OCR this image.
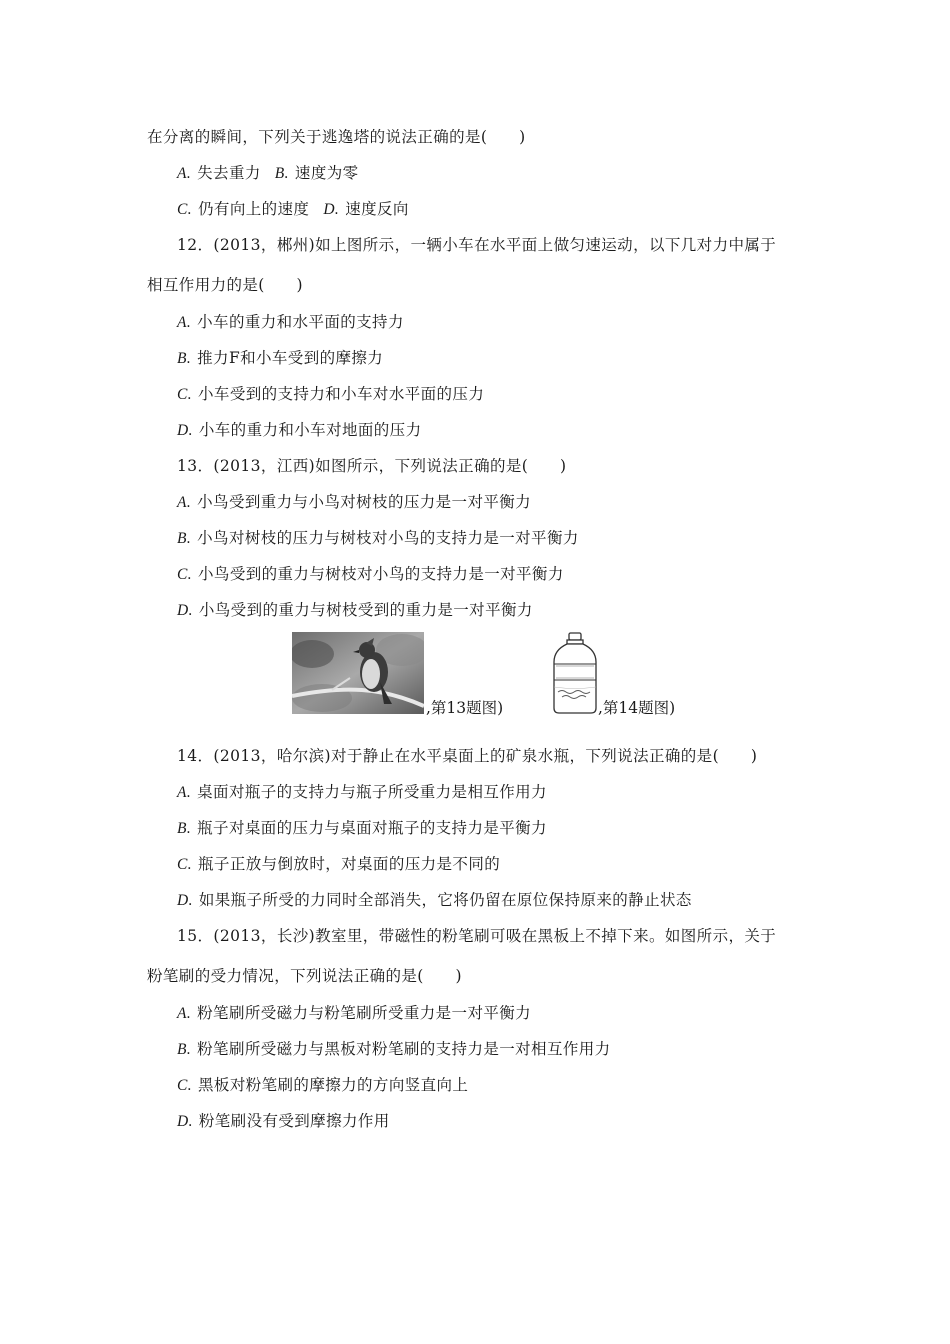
在分离的瞬间，下列关于逃逸塔的说法正确的是(　　)
A. 失去重力 B. 速度为零
C. 仍有向上的速度 D. 速度反向
12．(2013，郴州)如上图所示，一辆小车在水平面上做匀速运动，以下几对力中属于
相互作用力的是(　　)
A. 小车的重力和水平面的支持力
B. 推力F和小车受到的摩擦力
C. 小车受到的支持力和小车对水平面的压力
D. 小车的重力和小车对地面的压力
13．(2013，江西)如图所示，下列说法正确的是(　　)
A. 小鸟受到重力与小鸟对树枝的压力是一对平衡力
B. 小鸟对树枝的压力与树枝对小鸟的支持力是一对平衡力
C. 小鸟受到的重力与树枝对小鸟的支持力是一对平衡力
D. 小鸟受到的重力与树枝受到的重力是一对平衡力
,第13题图)	,第14题图)
14．(2013，哈尔滨)对于静止在水平桌面上的矿泉水瓶，下列说法正确的是(　　)
A. 桌面对瓶子的支持力与瓶子所受重力是相互作用力
B. 瓶子对桌面的压力与桌面对瓶子的支持力是平衡力
C. 瓶子正放与倒放时，对桌面的压力是不同的
D. 如果瓶子所受的力同时全部消失，它将仍留在原位保持原来的静止状态
15．(2013，长沙)教室里，带磁性的粉笔刷可吸在黑板上不掉下来。如图所示，关于
粉笔刷的受力情况，下列说法正确的是(　　)
A. 粉笔刷所受磁力与粉笔刷所受重力是一对平衡力
B. 粉笔刷所受磁力与黑板对粉笔刷的支持力是一对相互作用力
C. 黑板对粉笔刷的摩擦力的方向竖直向上
D. 粉笔刷没有受到摩擦力作用
